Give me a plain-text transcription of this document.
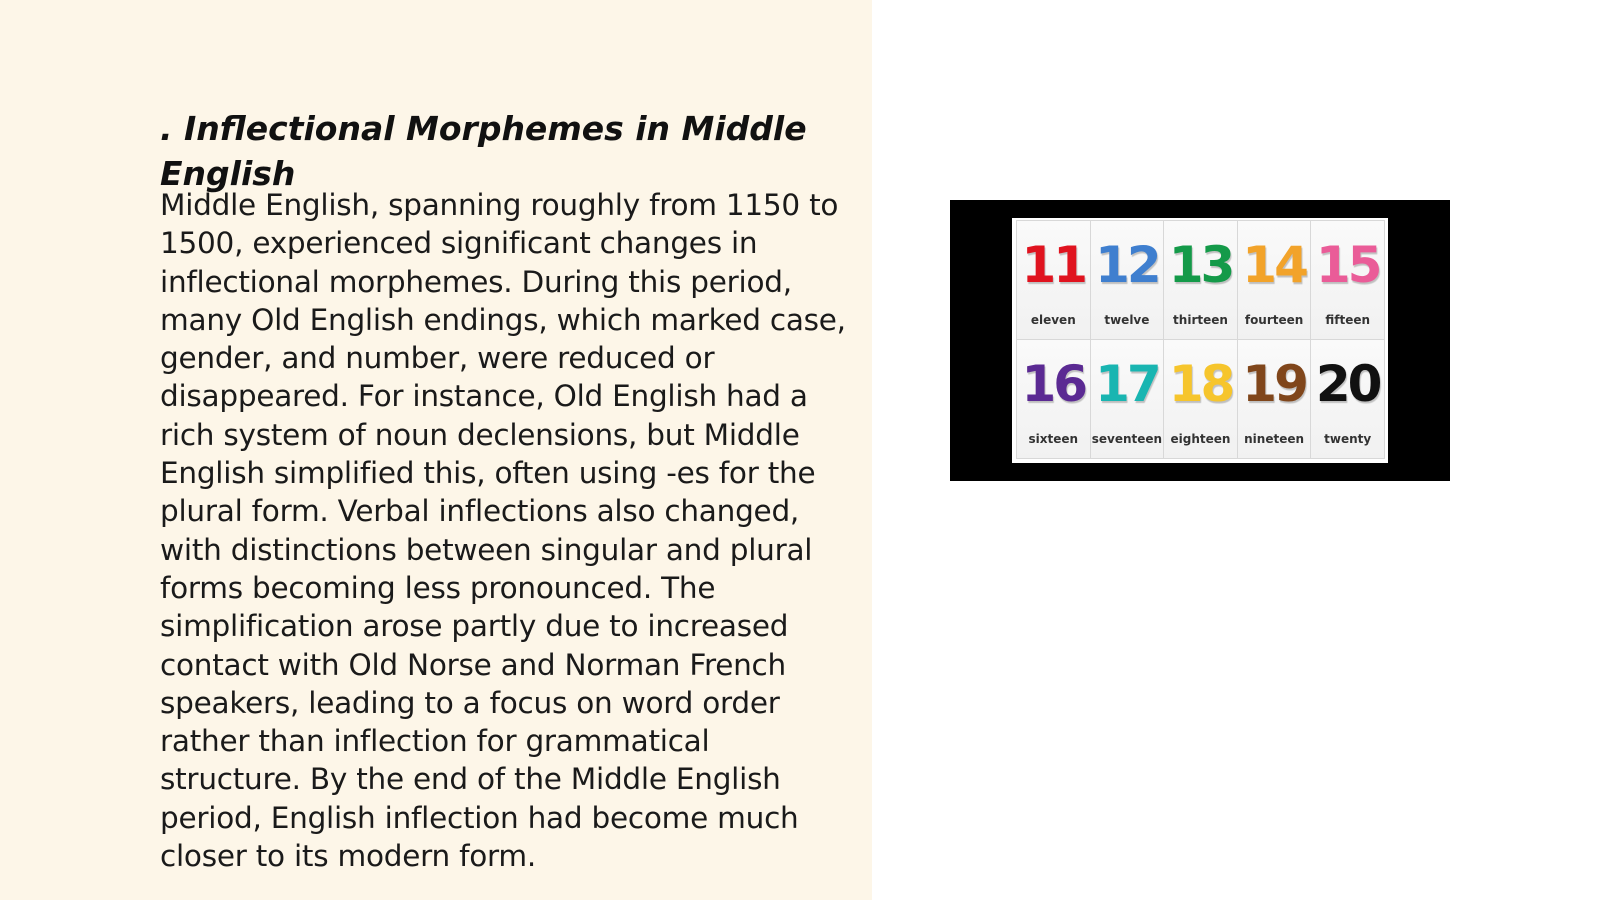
. Inflectional Morphemes in Middle English

Middle English, spanning roughly from 1150 to 1500, experienced significant changes in inflectional morphemes. During this period, many Old English endings, which marked case, gender, and number, were reduced or disappeared. For instance, Old English had a rich system of noun declensions, but Middle English simplified this, often using -es for the plural form. Verbal inflections also changed, with distinctions between singular and plural forms becoming less pronounced. The simplification arose partly due to increased contact with Old Norse and Norman French speakers, leading to a focus on word order rather than inflection for grammatical structure. By the end of the Middle English period, English inflection had become much closer to its modern form.

11
eleven
12
twelve
13
thirteen
14
fourteen
15
fifteen
16
sixteen
17
seventeen
18
eighteen
19
nineteen
20
twenty
